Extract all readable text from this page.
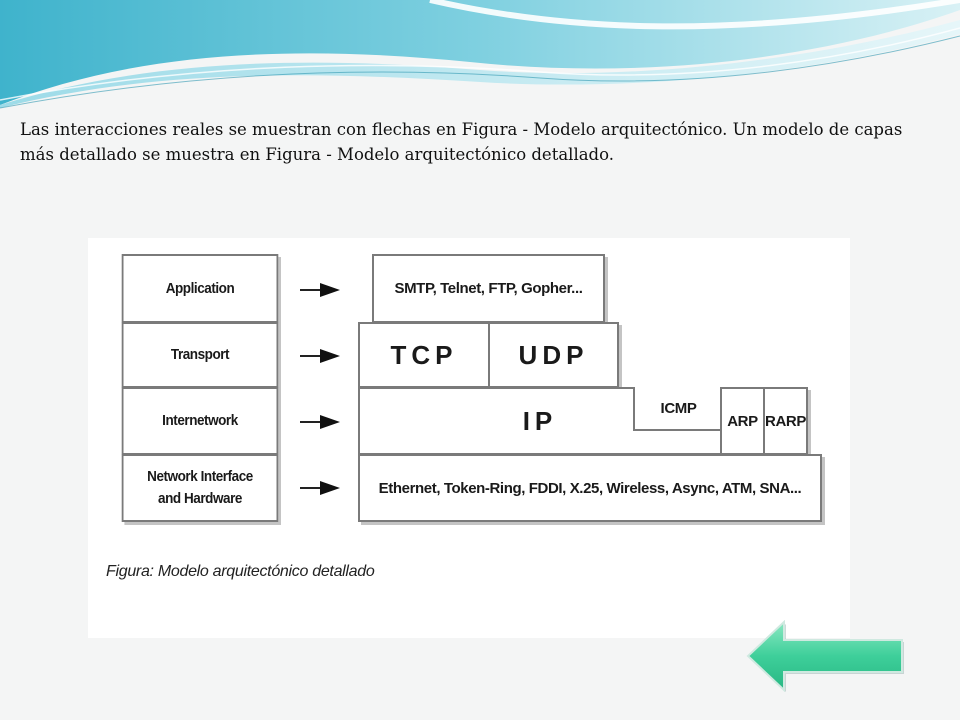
Las interacciones reales se muestran con flechas en Figura - Modelo arquitectónico. Un modelo de capas más detallado se muestra en Figura - Modelo arquitectónico detallado.

Application
Transport
Internetwork
Network Interface and Hardware
SMTP, Telnet, FTP, Gopher...
TCP	UDP
IP	ICMP
ARP RARP
Ethernet, Token-Ring, FDDI, X.25, Wireless, Async, ATM, SNA...
Figura: Modelo arquitectónico detallado
